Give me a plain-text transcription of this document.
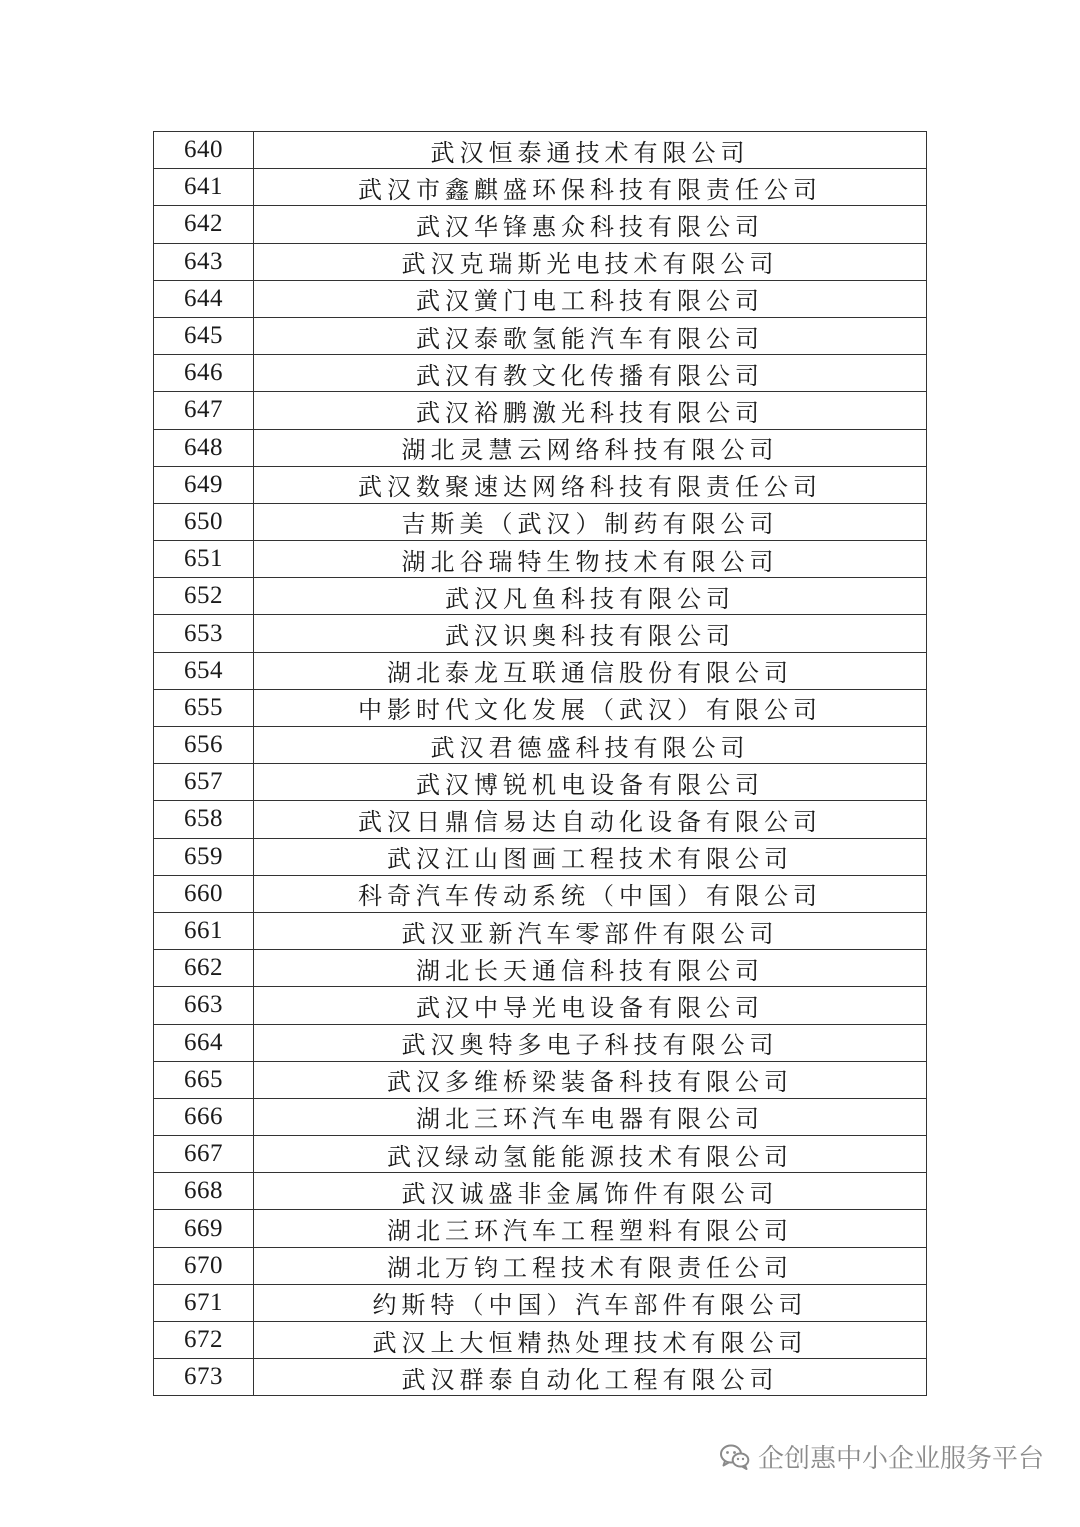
640	武汉恒泰通技术有限公司
641	武汉市鑫麒盛环保科技有限责任公司
642	武汉华锋惠众科技有限公司
643	武汉克瑞斯光电技术有限公司
644	武汉黉门电工科技有限公司
645	武汉泰歌氢能汽车有限公司
646	武汉有教文化传播有限公司
647	武汉裕鹏激光科技有限公司
648	湖北灵慧云网络科技有限公司
649	武汉数聚速达网络科技有限责任公司
650	吉斯美（武汉）制药有限公司
651	湖北谷瑞特生物技术有限公司
652	武汉凡鱼科技有限公司
653	武汉识奥科技有限公司
654	湖北泰龙互联通信股份有限公司
655	中影时代文化发展（武汉）有限公司
656	武汉君德盛科技有限公司
657	武汉博锐机电设备有限公司
658	武汉日鼎信易达自动化设备有限公司
659	武汉江山图画工程技术有限公司
660	科奇汽车传动系统（中国）有限公司
661	武汉亚新汽车零部件有限公司
662	湖北长天通信科技有限公司
663	武汉中导光电设备有限公司
664	武汉奥特多电子科技有限公司
665	武汉多维桥梁装备科技有限公司
666	湖北三环汽车电器有限公司
667	武汉绿动氢能能源技术有限公司
668	武汉诚盛非金属饰件有限公司
669	湖北三环汽车工程塑料有限公司
670	湖北万钧工程技术有限责任公司
671	约斯特（中国）汽车部件有限公司
672	武汉上大恒精热处理技术有限公司
673	武汉群泰自动化工程有限公司
企创惠中小企业服务平台
